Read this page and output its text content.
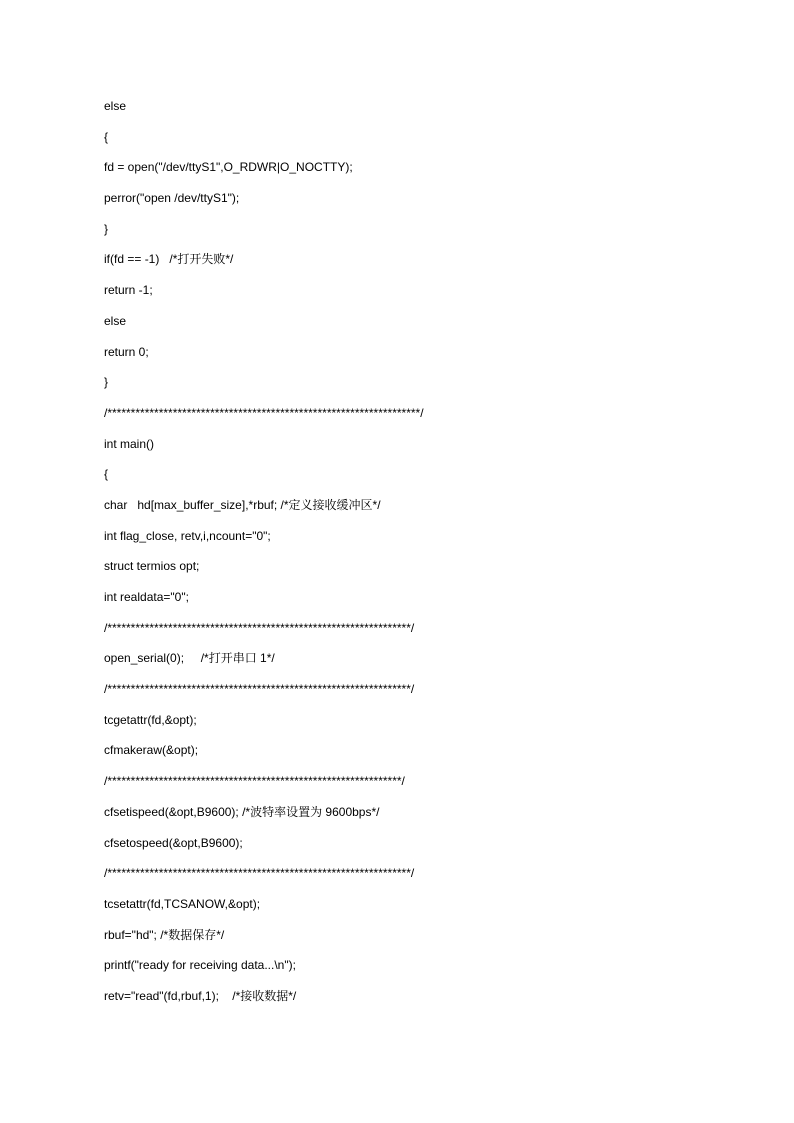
else
{
fd = open("/dev/ttyS1",O_RDWR|O_NOCTTY);
perror("open /dev/ttyS1");
}
if(fd == -1)   /*打开失败*/
return -1;
else
return 0;
}
/*******************************************************************/
int main()
{
char   hd[max_buffer_size],*rbuf; /*定义接收缓冲区*/
int flag_close, retv,i,ncount="0";
struct termios opt;
int realdata="0";
/*****************************************************************/
open_serial(0);     /*打开串口 1*/
/*****************************************************************/
tcgetattr(fd,&opt);
cfmakeraw(&opt);
/***************************************************************/
cfsetispeed(&opt,B9600); /*波特率设置为 9600bps*/
cfsetospeed(&opt,B9600);
/*****************************************************************/
tcsetattr(fd,TCSANOW,&opt);
rbuf="hd"; /*数据保存*/
printf("ready for receiving data...\n");
retv="read"(fd,rbuf,1);    /*接收数据*/
